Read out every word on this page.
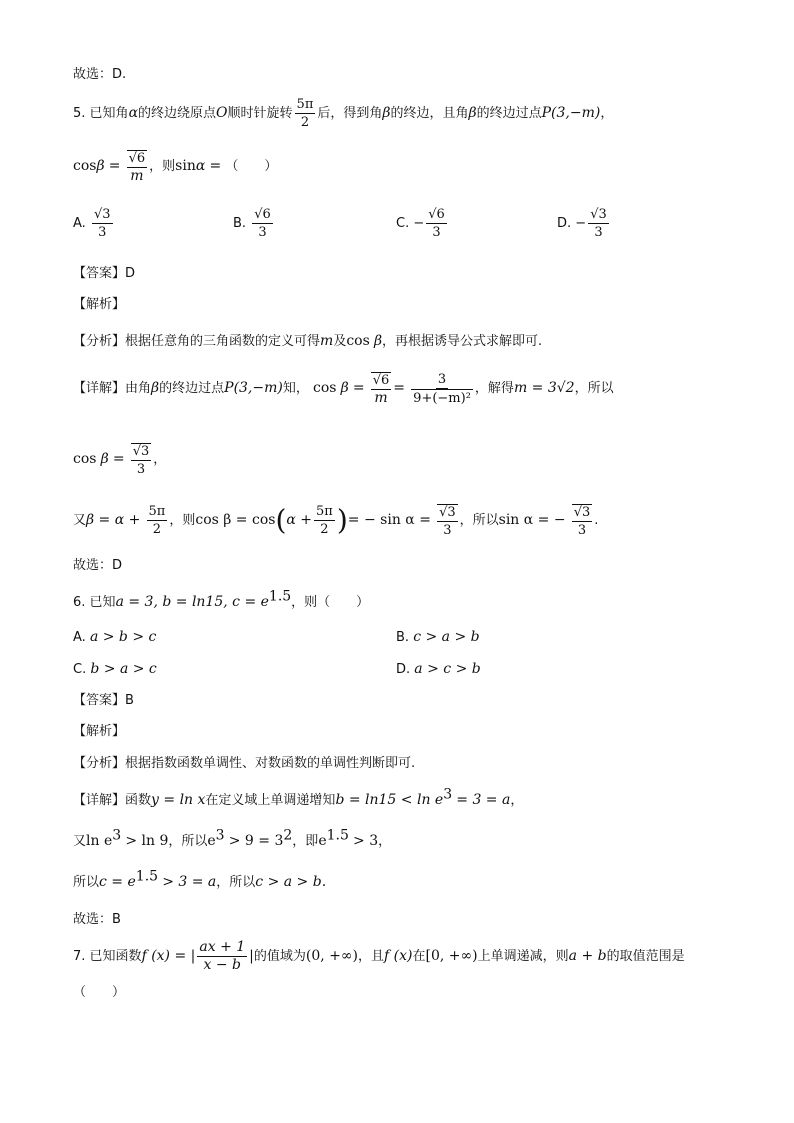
故选：D.
5. 已知角α的终边绕原点O顺时针旋转 $\frac{5\pi}{2}$ 后，得到角β的终边，且角β的终边过点P(3,−m)，
$\cos\beta = \frac{√6}{m}$ ，则sinα = （　　）
A. $\frac{√3}{3}$	B. $\frac{√6}{3}$	C. − $\frac{√6}{3}$	D. − $\frac{√3}{3}$
【答案】D
【解析】
【分析】根据任意角的三角函数的定义可得m及cos β，再根据诱导公式求解即可.
【详解】由角β的终边过点P(3,−m)知， $\cos \beta = \frac{√6}{m} = \frac{3}{\text{9+(−m)²}}$ ，解得m = 3√2，所以
$\cos \beta = \frac{√3}{3}$ ，
又$\beta = \alpha + \frac{5\pi}{2}$ ，则$\cos \beta = \cos(\alpha + \frac{5\pi}{2}$ )= − $\sin \alpha = \frac{√3}{3}$ ，所以sin α = − $\frac{√3}{3}$ .
故选：D
6. 已知a = 3, b = ln15, $c = e^{1.5}$，则（　　）
A. a > b > c	B. c > a > b
C. b > a > c	D. a > c > b
【答案】B
【解析】
【分析】根据指数函数单调性、对数函数的单调性判断即可.
【详解】函数y = ln x在定义域上单调递增知$b = \ln 15 < \ln e^3 = 3 = a$，
又$\ln e^3 > \ln 9$，所以$e^3 > 9 = 3^2$，即$e^{1.5} > 3$，
所以$c = e^{1.5} > 3 = a$，所以c > a > b.
故选：B
7. 已知函数f (x) = | $\frac{ax + 1}{x - b}$ |的值域为(0, +∞)，且f (x)在[0, +∞)上单调递减，则a + b的取值范围是
（　　）
